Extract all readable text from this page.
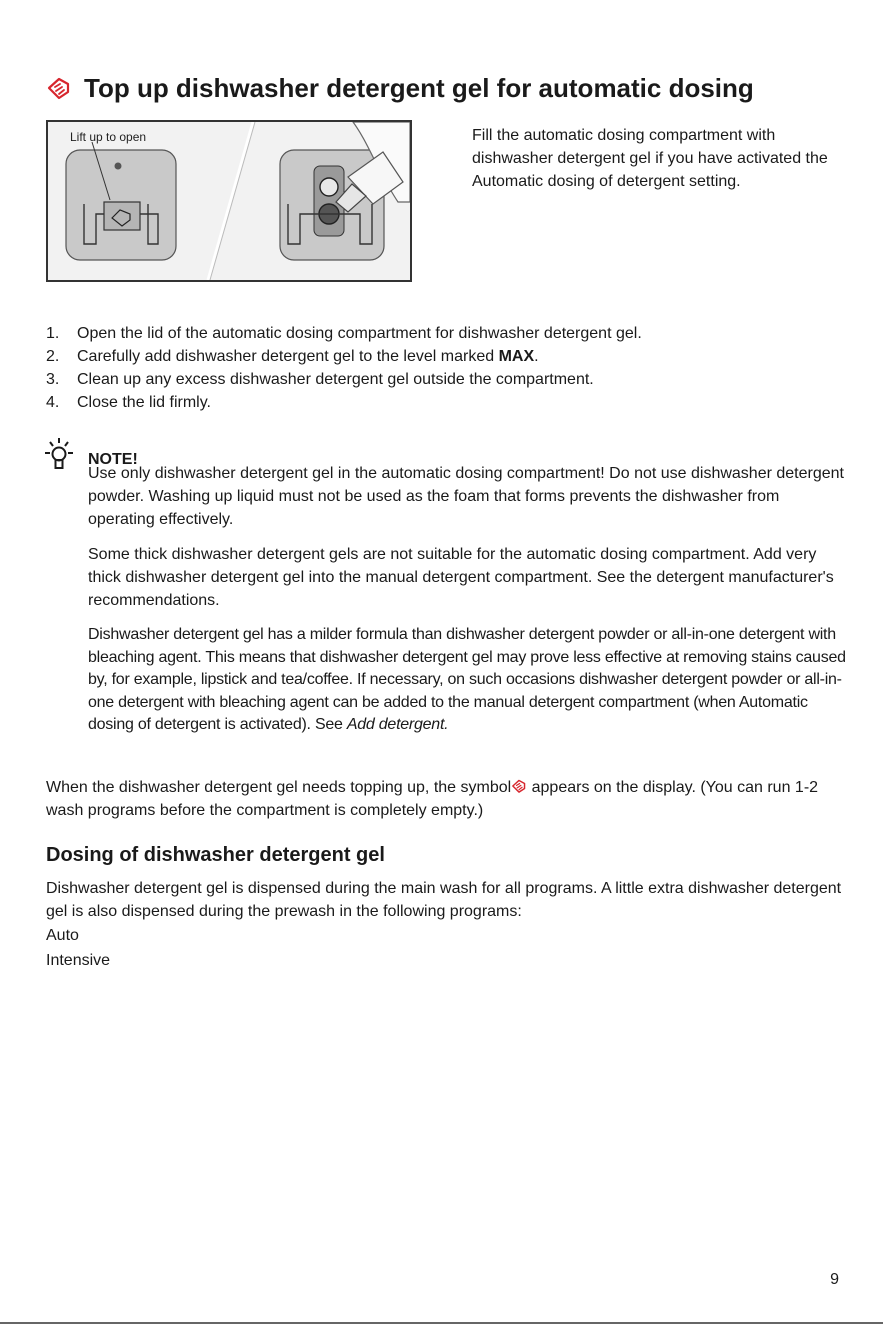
Top up dishwasher detergent gel for automatic dosing
Lift up to open	Fill the automatic dosing compartment with dishwasher detergent gel if you have activated the Automatic dosing of detergent setting.
1.	Open the lid of the automatic dosing compartment for dishwasher detergent gel.
2.	Carefully add dishwasher detergent gel to the level marked MAX.
3.	Clean up any excess dishwasher detergent gel outside the compartment.
4.	Close the lid firmly.
NOTE!

Use only dishwasher detergent gel in the automatic dosing compartment! Do not use dishwasher detergent powder. Washing up liquid must not be used as the foam that forms prevents the dishwasher from operating effectively.

Some thick dishwasher detergent gels are not suitable for the automatic dosing compartment. Add very thick dishwasher detergent gel into the manual detergent compartment. See the detergent manufacturer's recommendations.

Dishwasher detergent gel has a milder formula than dishwasher detergent powder or all-in-one detergent with bleaching agent. This means that dishwasher detergent gel may prove less effective at removing stains caused by, for example, lipstick and tea/coffee. If necessary, on such occasions dishwasher detergent powder or all-in-one detergent with bleaching agent can be added to the manual detergent compartment (when Automatic dosing of detergent is activated). See Add detergent.

When the dishwasher detergent gel needs topping up, the symbol appears on the display. (You can run 1-2 wash programs before the compartment is completely empty.)
Dosing of dishwasher detergent gel

Dishwasher detergent gel is dispensed during the main wash for all programs. A little extra dishwasher detergent gel is also dispensed during the prewash in the following programs:

Auto
Intensive
9
